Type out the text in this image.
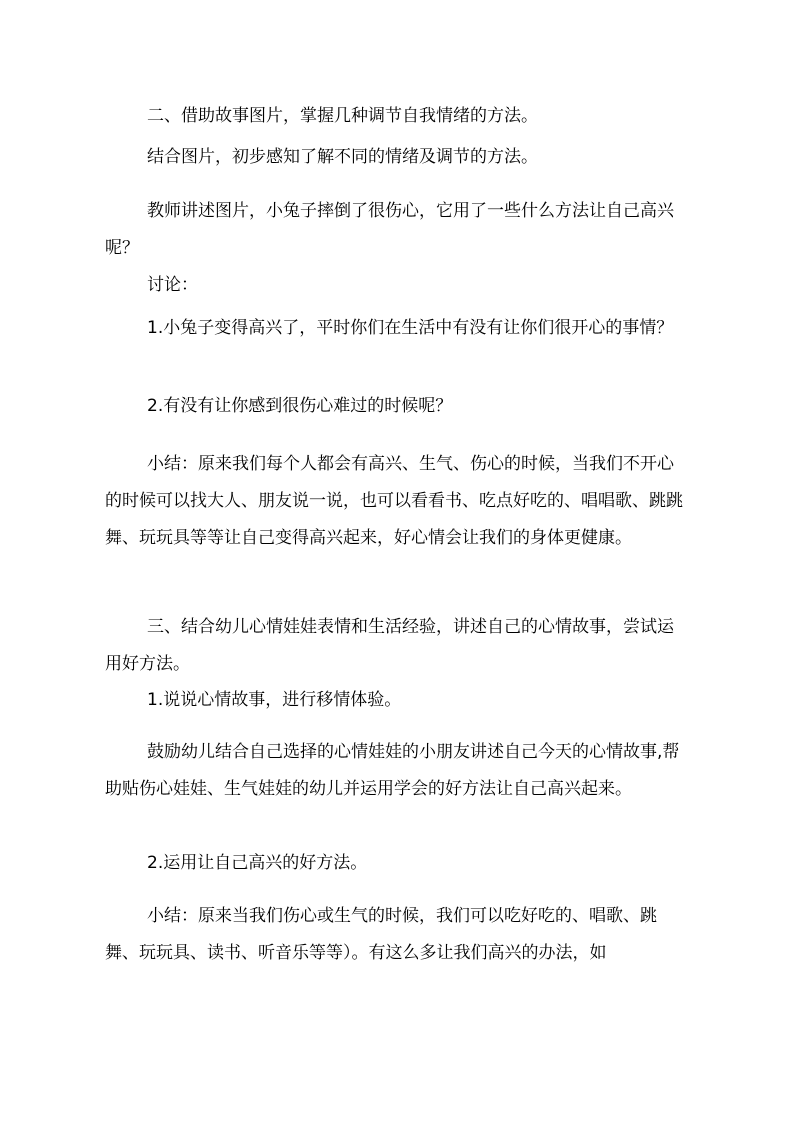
二、借助故事图片，掌握几种调节自我情绪的方法。
结合图片，初步感知了解不同的情绪及调节的方法。
教师讲述图片，小兔子摔倒了很伤心，它用了一些什么方法让自己高兴呢？
讨论：
1.小兔子变得高兴了，平时你们在生活中有没有让你们很开心的事情？
2.有没有让你感到很伤心难过的时候呢？
小结：原来我们每个人都会有高兴、生气、伤心的时候，当我们不开心的时候可以找大人、朋友说一说，也可以看看书、吃点好吃的、唱唱歌、跳跳舞、玩玩具等等让自己变得高兴起来，好心情会让我们的身体更健康。
三、结合幼儿心情娃娃表情和生活经验，讲述自己的心情故事，尝试运用好方法。
1.说说心情故事，进行移情体验。
鼓励幼儿结合自己选择的心情娃娃的小朋友讲述自己今天的心情故事,帮助贴伤心娃娃、生气娃娃的幼儿并运用学会的好方法让自己高兴起来。
2.运用让自己高兴的好方法。
小结：原来当我们伤心或生气的时候，我们可以吃好吃的、唱歌、跳舞、玩玩具、读书、听音乐等等）。有这么多让我们高兴的办法，如
